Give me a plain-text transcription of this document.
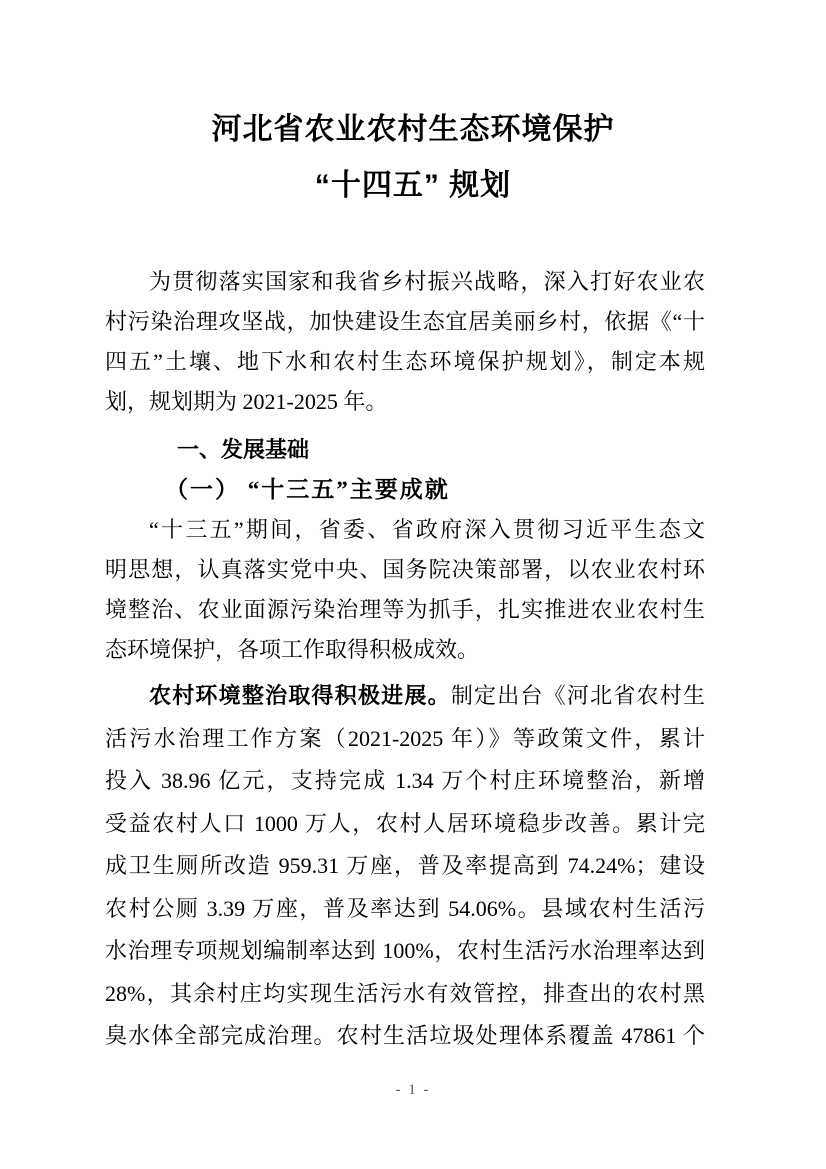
河北省农业农村生态环境保护
“十四五” 规划
为贯彻落实国家和我省乡村振兴战略，深入打好农业农
村污染治理攻坚战，加快建设生态宜居美丽乡村，依据《“十
四五”土壤、地下水和农村生态环境保护规划》，制定本规
划，规划期为 2021-2025 年。
一、发展基础
（一） “十三五”主要成就
“十三五”期间，省委、省政府深入贯彻习近平生态文
明思想，认真落实党中央、国务院决策部署，以农业农村环
境整治、农业面源污染治理等为抓手，扎实推进农业农村生
态环境保护，各项工作取得积极成效。
农村环境整治取得积极进展。制定出台《河北省农村生
活污水治理工作方案（2021-2025 年）》等政策文件，累计
投入 38.96 亿元，支持完成 1.34 万个村庄环境整治，新增
受益农村人口 1000 万人，农村人居环境稳步改善。累计完
成卫生厕所改造 959.31 万座，普及率提高到 74.24%；建设
农村公厕 3.39 万座，普及率达到 54.06%。县域农村生活污
水治理专项规划编制率达到 100%，农村生活污水治理率达到
28%，其余村庄均实现生活污水有效管控，排查出的农村黑
臭水体全部完成治理。农村生活垃圾处理体系覆盖 47861 个
- 1 -
